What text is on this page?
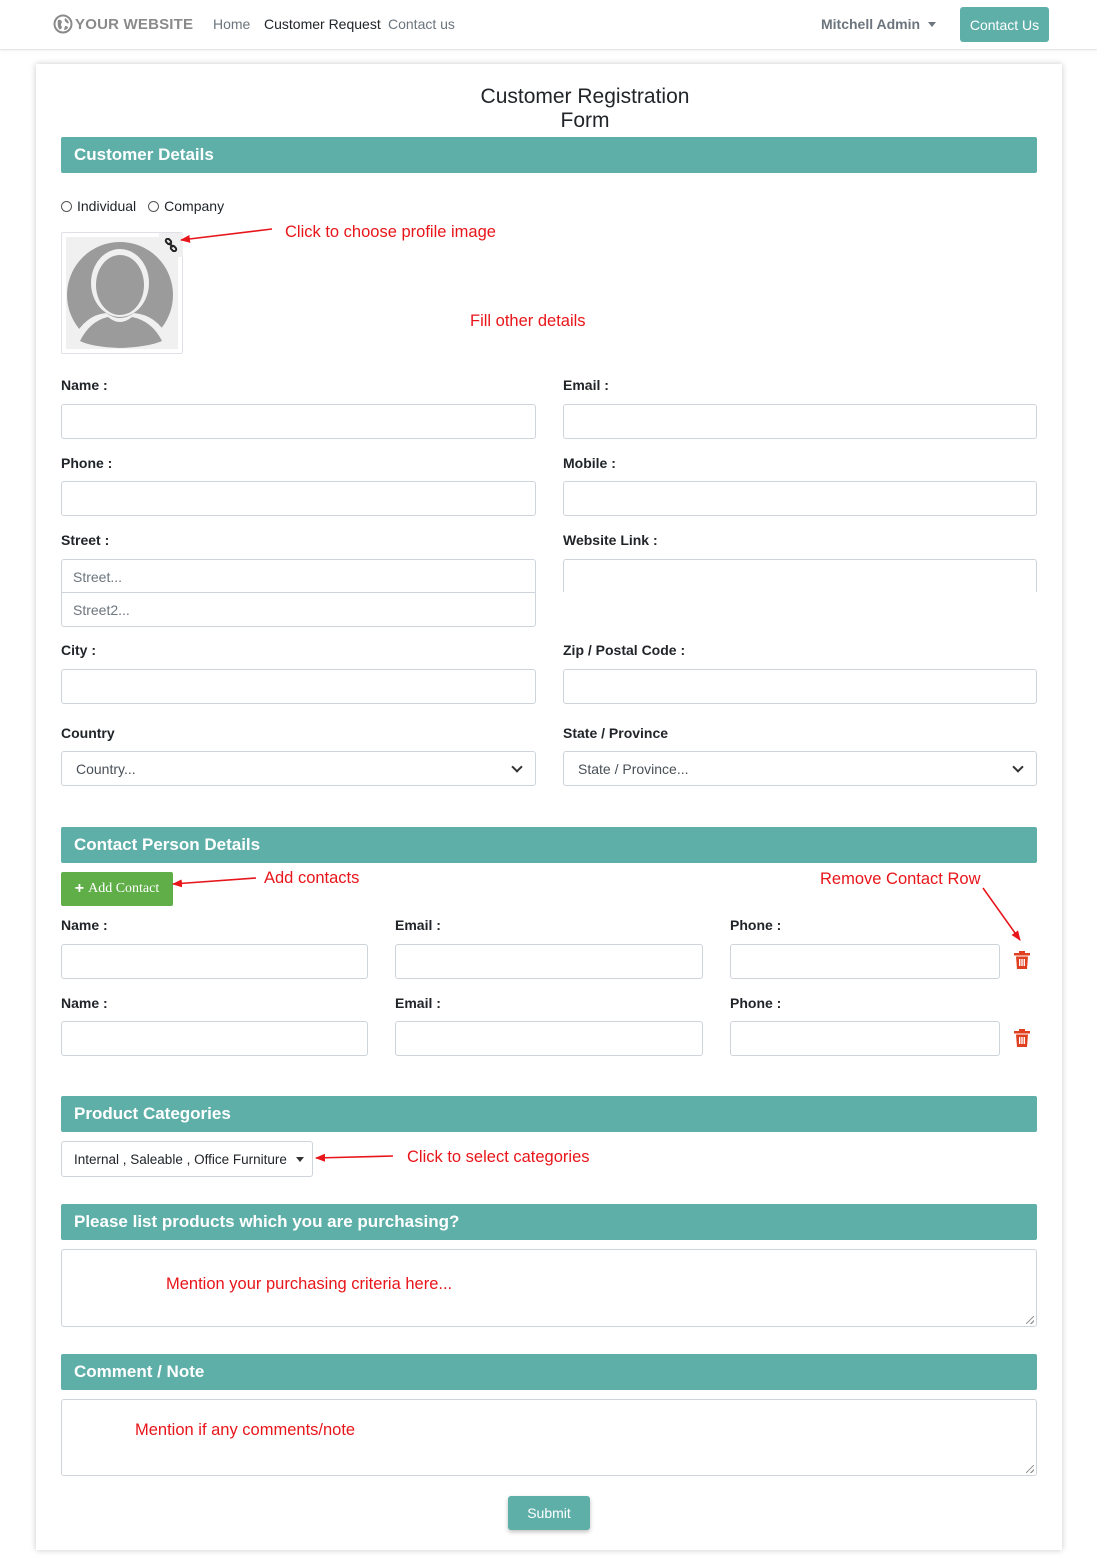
YOUR WEBSITE Home Customer Request Contact us	Mitchell Admin	Contact Us
Customer Registration Form
Customer Details
Individual Company
Name :	Email :
Phone :	Mobile :
Street :	Website Link :
Street...
Street2...
City :	Zip / Postal Code :
Country	State / Province
Country...	State / Province...
Contact Person Details
+ Add Contact
Name :	Email :	Phone :
Name :	Email :	Phone :
Product Categories
Internal , Saleable , Office Furniture
Please list products which you are purchasing?
Comment / Note
Submit
Click to choose profile image
Fill other details
Add contacts	Remove Contact Row
Click to select categories
Mention your purchasing criteria here...
Mention if any comments/note
